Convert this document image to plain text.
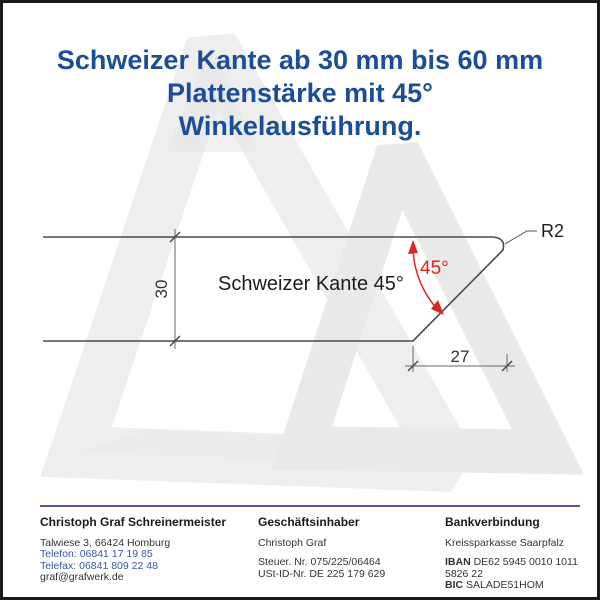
Schweizer Kante ab 30 mm bis 60 mm
Plattenstärke mit 45°
Winkelausführung.
30 Schweizer Kante 45°
27
R2
45°
Christoph Graf Schreinermeister
Talwiese 3, 66424 Homburg
Telefon: 06841 17 19 85
Telefax: 06841 809 22 48
graf@grafwerk.de
Geschäftsinhaber
Christoph Graf
Steuer. Nr. 075/225/06464
USt-ID-Nr. DE 225 179 629
Bankverbindung
Kreissparkasse Saarpfalz
IBAN DE62 5945 0010 1011 5826 22
BIC SALADE51HOM
